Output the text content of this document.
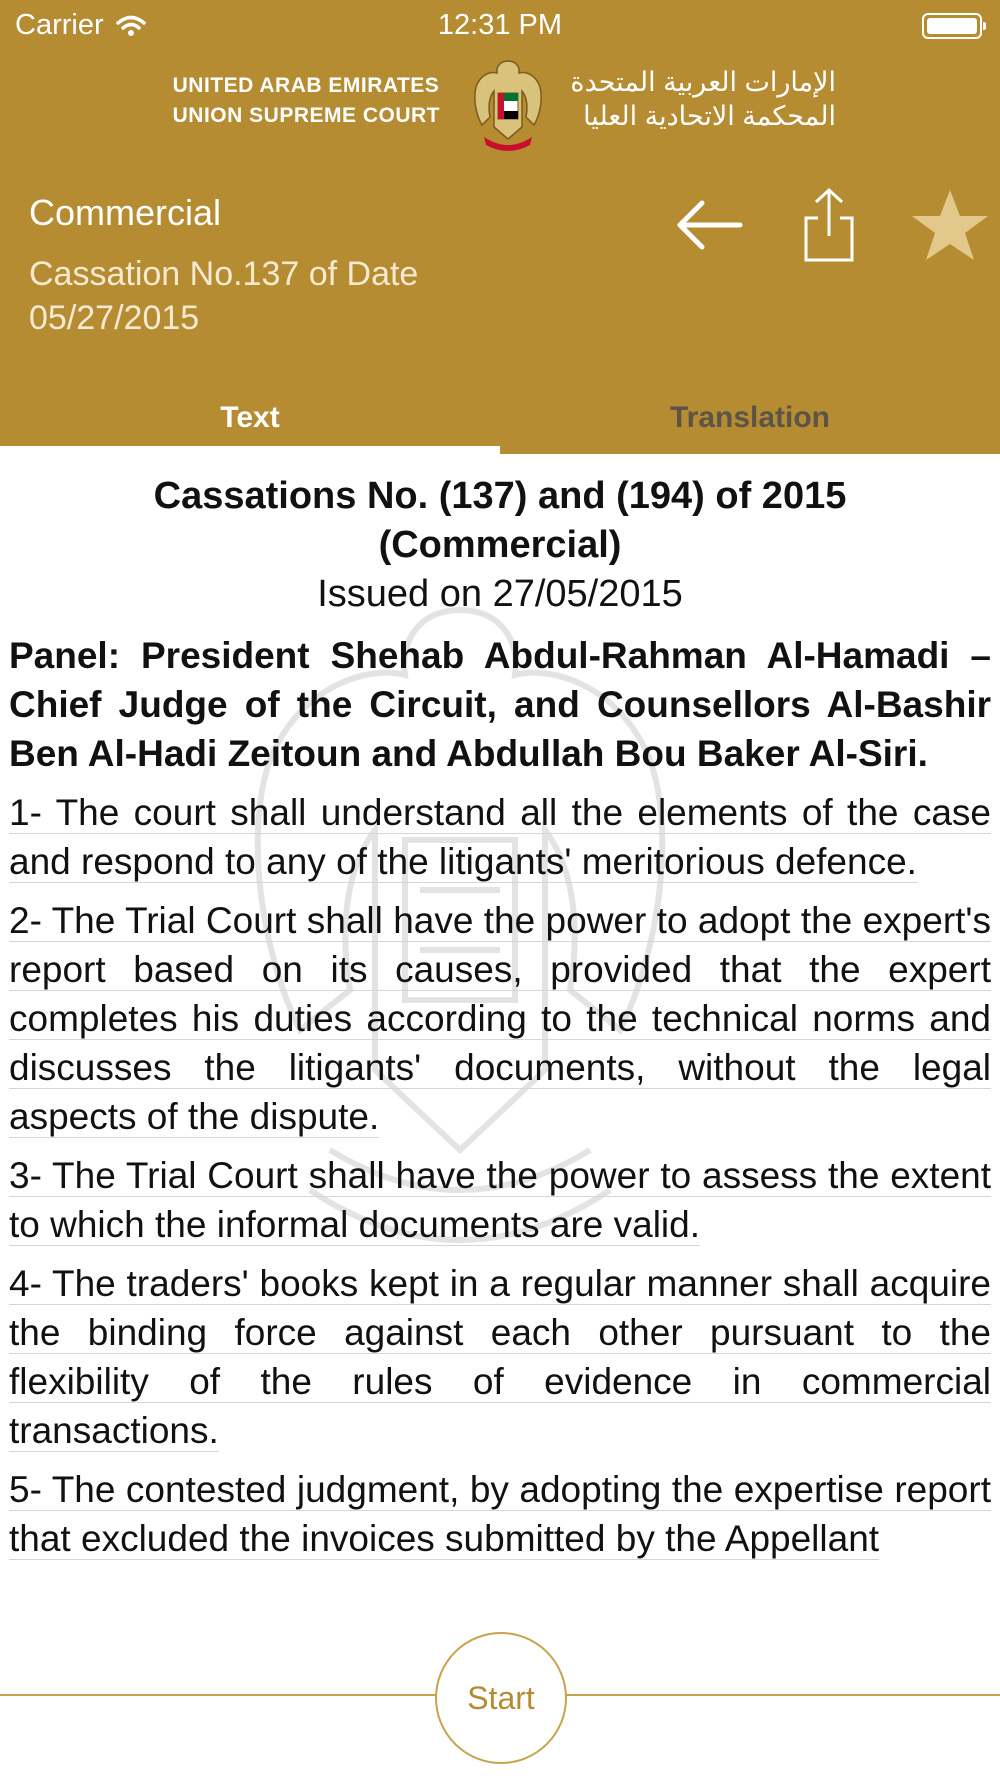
Carrier	12:31 PM
UNITED ARAB EMIRATES
UNION SUPREME COURT
الإمارات العربية المتحدة
المحكمة الاتحادية العليا
Commercial
Cassation No.137 of Date 05/27/2015
Text	Translation
Cassations No. (137) and (194) of 2015
(Commercial)
Issued on 27/05/2015
Panel: President Shehab Abdul-Rahman Al-Hamadi – Chief Judge of the Circuit, and Counsellors Al-Bashir Ben Al-Hadi Zeitoun and Abdullah Bou Baker Al-Siri.
1- The court shall understand all the elements of the case and respond to any of the litigants' meritorious defence.
2- The Trial Court shall have the power to adopt the expert's report based on its causes, provided that the expert completes his duties according to the technical norms and discusses the litigants' documents, without the legal aspects of the dispute.
3- The Trial Court shall have the power to assess the extent to which the informal documents are valid.
4- The traders' books kept in a regular manner shall acquire the binding force against each other pursuant to the flexibility of the rules of evidence in commercial transactions.
5- The contested judgment, by adopting the expertise report that excluded the invoices submitted by the Appellant
Start
